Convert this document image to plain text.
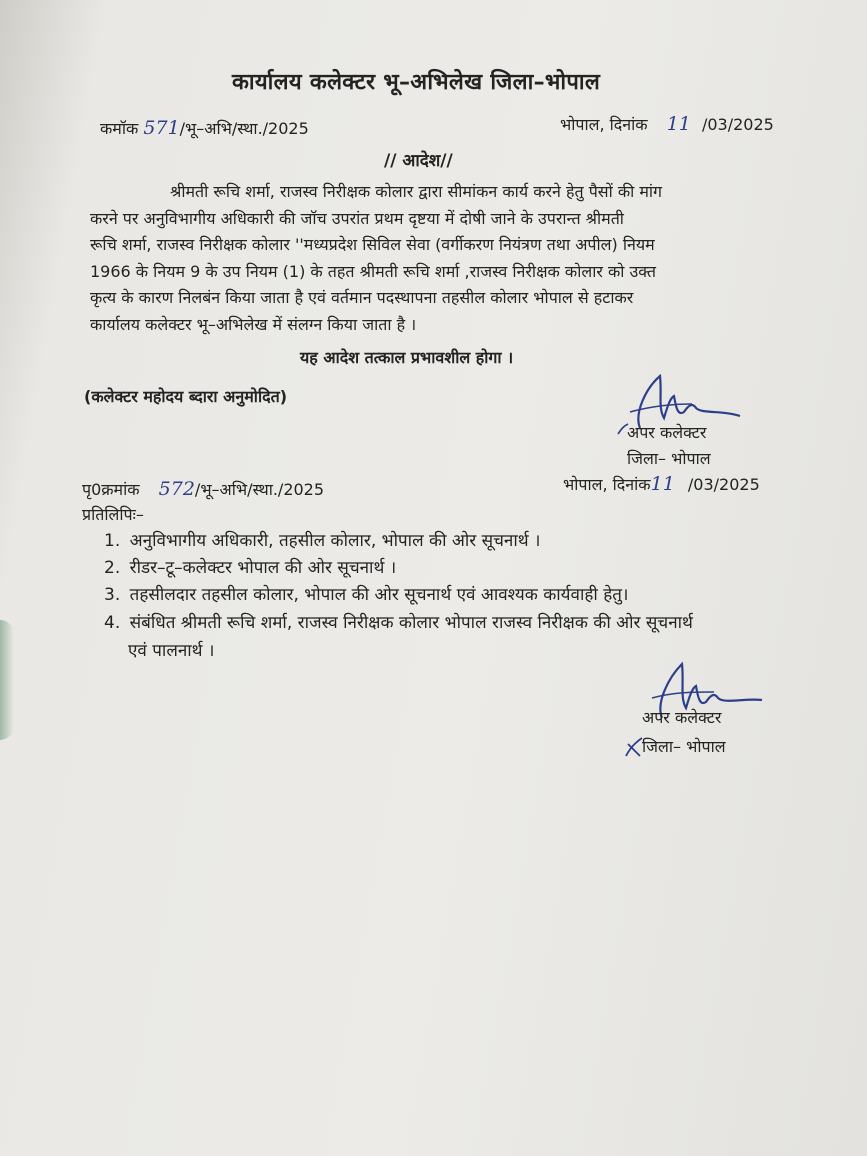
कार्यालय कलेक्टर भू–अभिलेख जिला–भोपाल
कमॉक 571/भू–अभि/स्था./2025	भोपाल, दिनांक 11 /03/2025
// आदेश//
श्रीमती रूचि शर्मा, राजस्व निरीक्षक कोलार द्वारा सीमांकन कार्य करने हेतु पैसों की मांग
करने पर अनुविभागीय अधिकारी की जॉच उपरांत प्रथम दृष्टया में दोषी जाने के उपरान्त श्रीमती
रूचि शर्मा, राजस्व निरीक्षक कोलार ''मध्यप्रदेश सिविल सेवा (वर्गीकरण नियंत्रण तथा अपील) नियम
1966 के नियम 9 के उप नियम (1) के तहत श्रीमती रूचि शर्मा ,राजस्व निरीक्षक कोलार को उक्त
कृत्य के कारण निलबंन किया जाता है एवं वर्तमान पदस्थापना तहसील कोलार भोपाल से हटाकर
कार्यालय कलेक्टर भू–अभिलेख में संलग्न किया जाता है ।
यह आदेश तत्काल प्रभावशील होगा ।
(कलेक्टर महोदय ब्दारा अनुमोदित)
अपर कलेक्टर
जिला– भोपाल
पृ0क्रमांक 572/भू–अभि/स्था./2025	भोपाल, दिनांक11 /03/2025
प्रतिलिपिः–
1. अनुविभागीय अधिकारी, तहसील कोलार, भोपाल की ओर सूचनार्थ ।
2. रीडर–टू–कलेक्टर भोपाल की ओर सूचनार्थ ।
3. तहसीलदार तहसील कोलार, भोपाल की ओर सूचनार्थ एवं आवश्यक कार्यवाही हेतु।
4. संबंधित श्रीमती रूचि शर्मा, राजस्व निरीक्षक कोलार भोपाल राजस्व निरीक्षक की ओर सूचनार्थ
एवं पालनार्थ ।
अपर कलेक्टर
जिला– भोपाल
